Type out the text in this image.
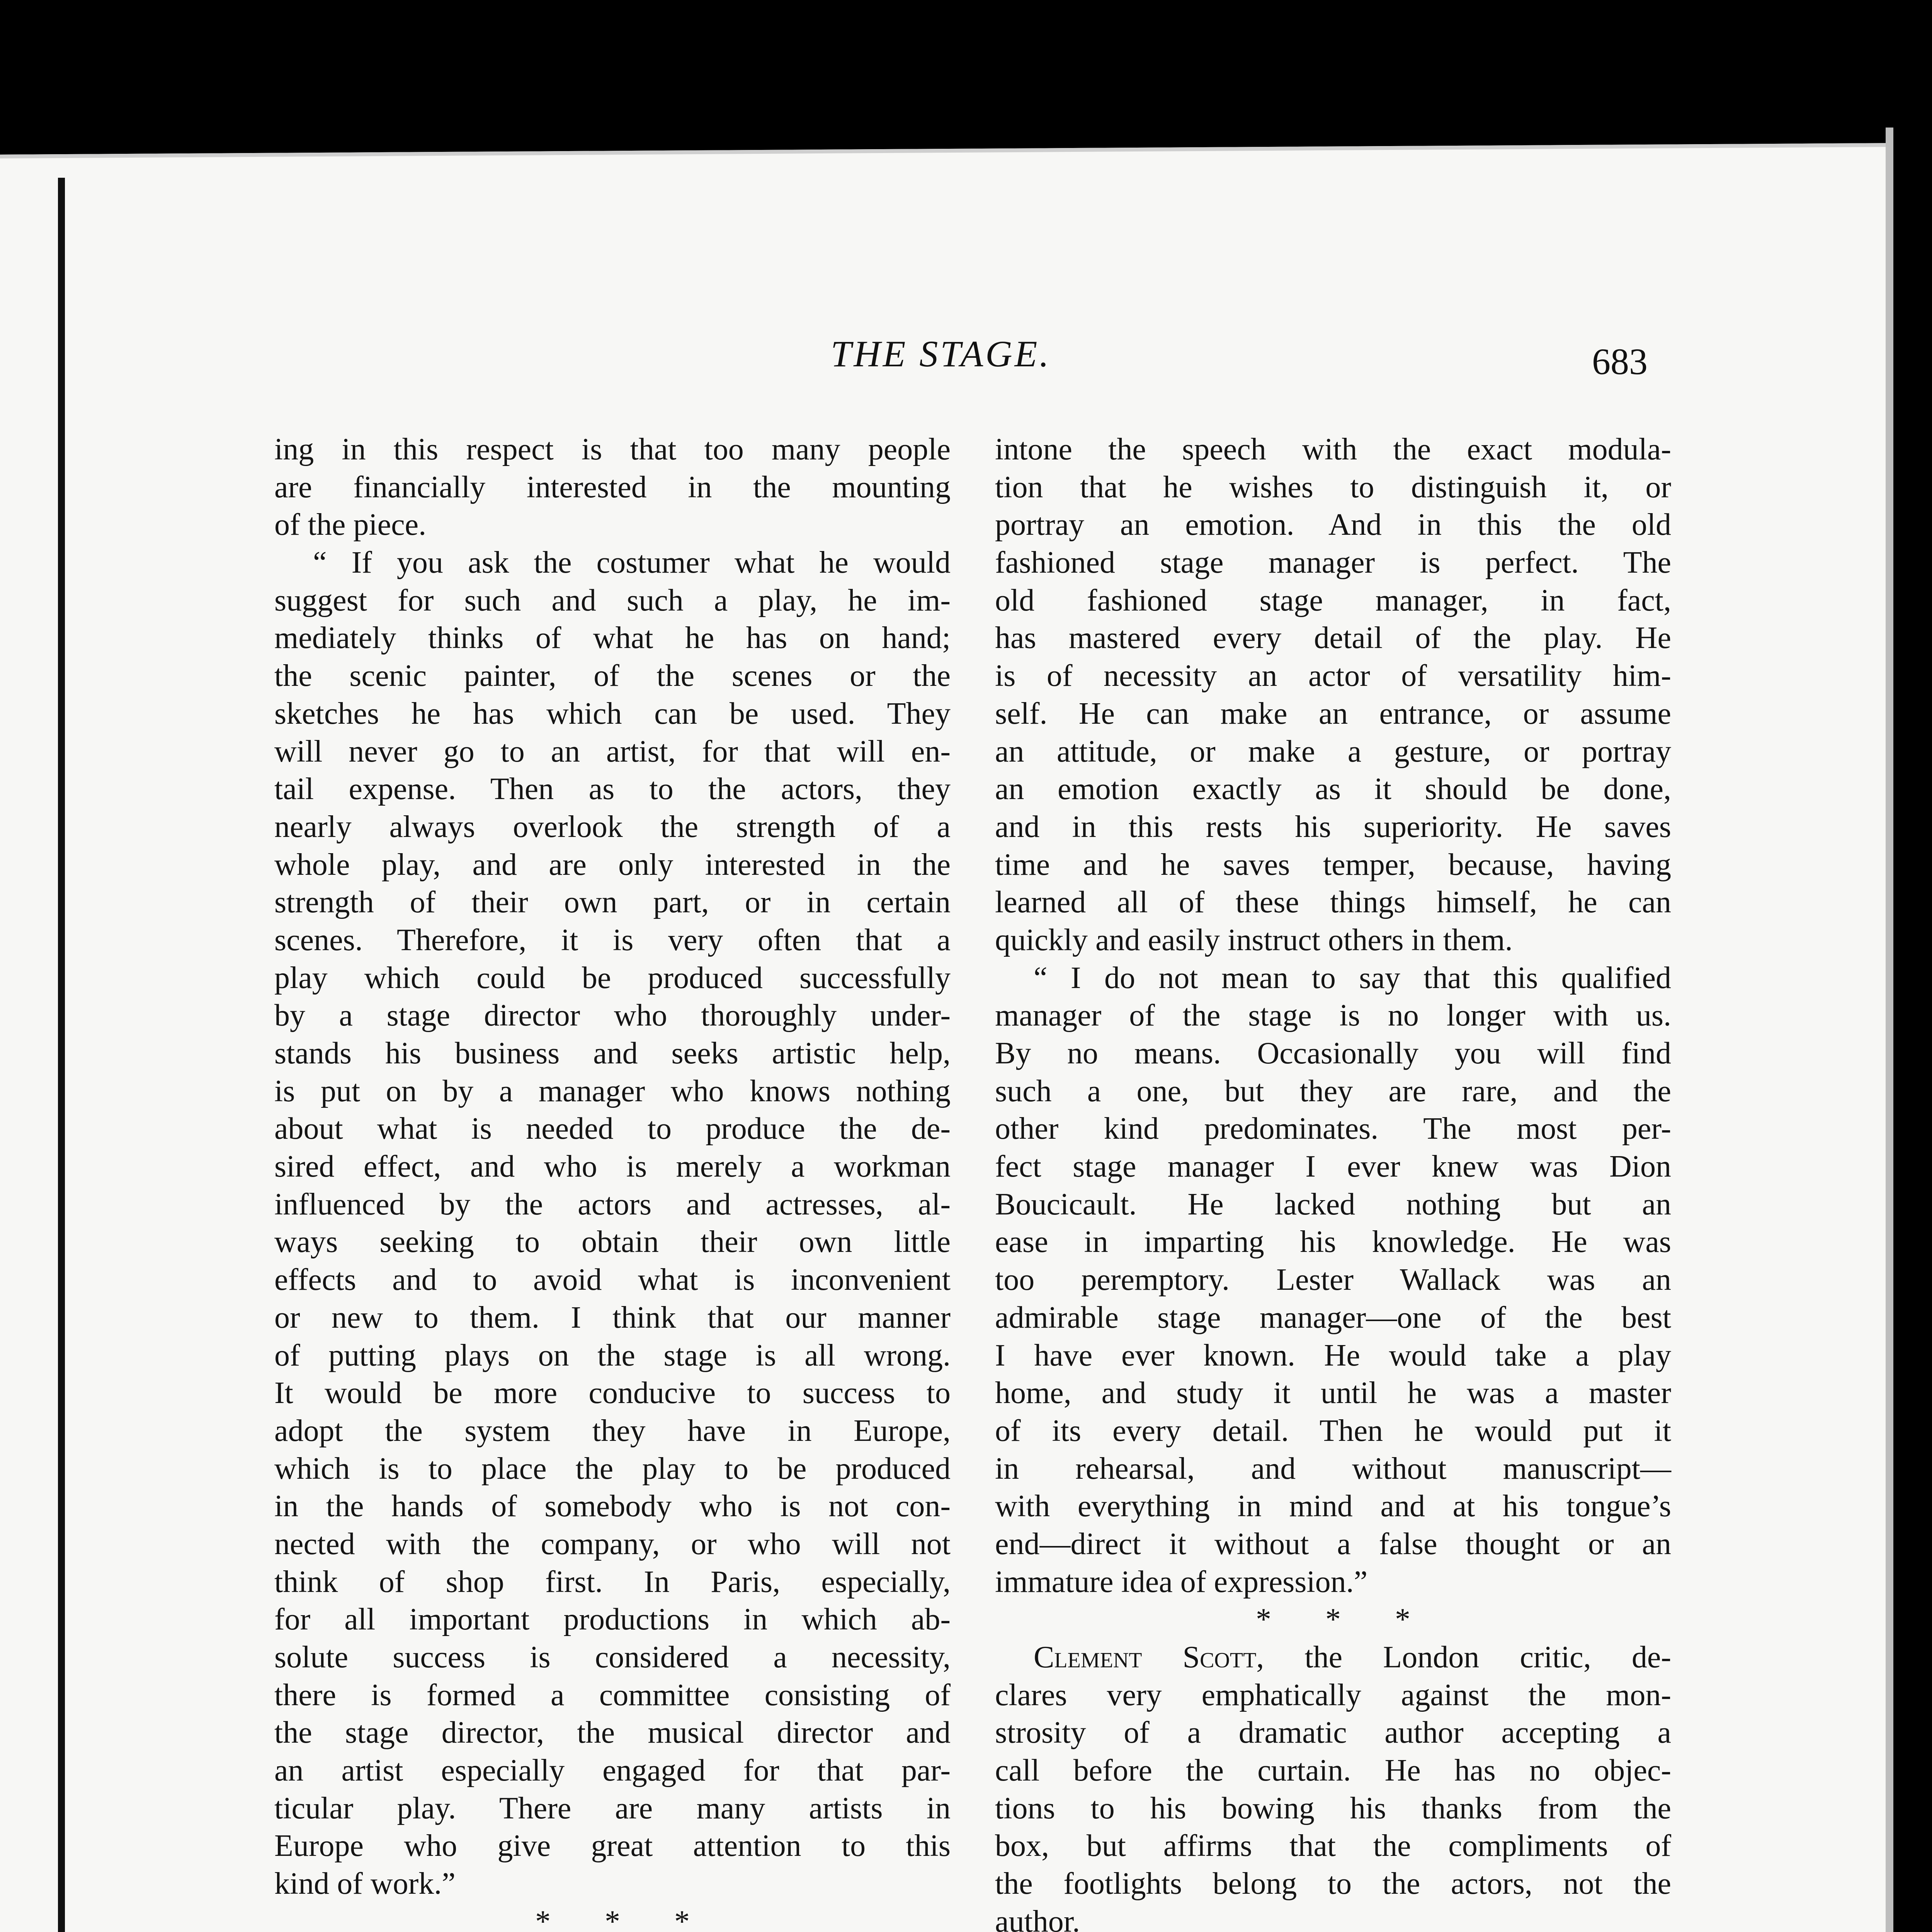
THE STAGE.	683
ing in this respect is that too many people
are financially interested in the mounting
of the piece.
“ If you ask the costumer what he would
suggest for such and such a play, he im-
mediately thinks of what he has on hand;
the scenic painter, of the scenes or the
sketches he has which can be used. They
will never go to an artist, for that will en-
tail expense. Then as to the actors, they
nearly always overlook the strength of a
whole play, and are only interested in the
strength of their own part, or in certain
scenes. Therefore, it is very often that a
play which could be produced successfully
by a stage director who thoroughly under-
stands his business and seeks artistic help,
is put on by a manager who knows nothing
about what is needed to produce the de-
sired effect, and who is merely a workman
influenced by the actors and actresses, al-
ways seeking to obtain their own little
effects and to avoid what is inconvenient
or new to them. I think that our manner
of putting plays on the stage is all wrong.
It would be more conducive to success to
adopt the system they have in Europe,
which is to place the play to be produced
in the hands of somebody who is not con-
nected with the company, or who will not
think of shop first. In Paris, especially,
for all important productions in which ab-
solute success is considered a necessity,
there is formed a committee consisting of
the stage director, the musical director and
an artist especially engaged for that par-
ticular play. There are many artists in
Europe who give great attention to this
kind of work.”
* * *
intone the speech with the exact modula-
tion that he wishes to distinguish it, or
portray an emotion. And in this the old
fashioned stage manager is perfect. The
old fashioned stage manager, in fact,
has mastered every detail of the play. He
is of necessity an actor of versatility him-
self. He can make an entrance, or assume
an attitude, or make a gesture, or portray
an emotion exactly as it should be done,
and in this rests his superiority. He saves
time and he saves temper, because, having
learned all of these things himself, he can
quickly and easily instruct others in them.
“ I do not mean to say that this qualified
manager of the stage is no longer with us.
By no means. Occasionally you will find
such a one, but they are rare, and the
other kind predominates. The most per-
fect stage manager I ever knew was Dion
Boucicault. He lacked nothing but an
ease in imparting his knowledge. He was
too peremptory. Lester Wallack was an
admirable stage manager—one of the best
I have ever known. He would take a play
home, and study it until he was a master
of its every detail. Then he would put it
in rehearsal, and without manuscript—
with everything in mind and at his tongue’s
end—direct it without a false thought or an
immature idea of expression.”
* * *
Clement Scott, the London critic, de-
clares very emphatically against the mon-
strosity of a dramatic author accepting a
call before the curtain. He has no objec-
tions to his bowing his thanks from the
box, but affirms that the compliments of
the footlights belong to the actors, not the
author.
